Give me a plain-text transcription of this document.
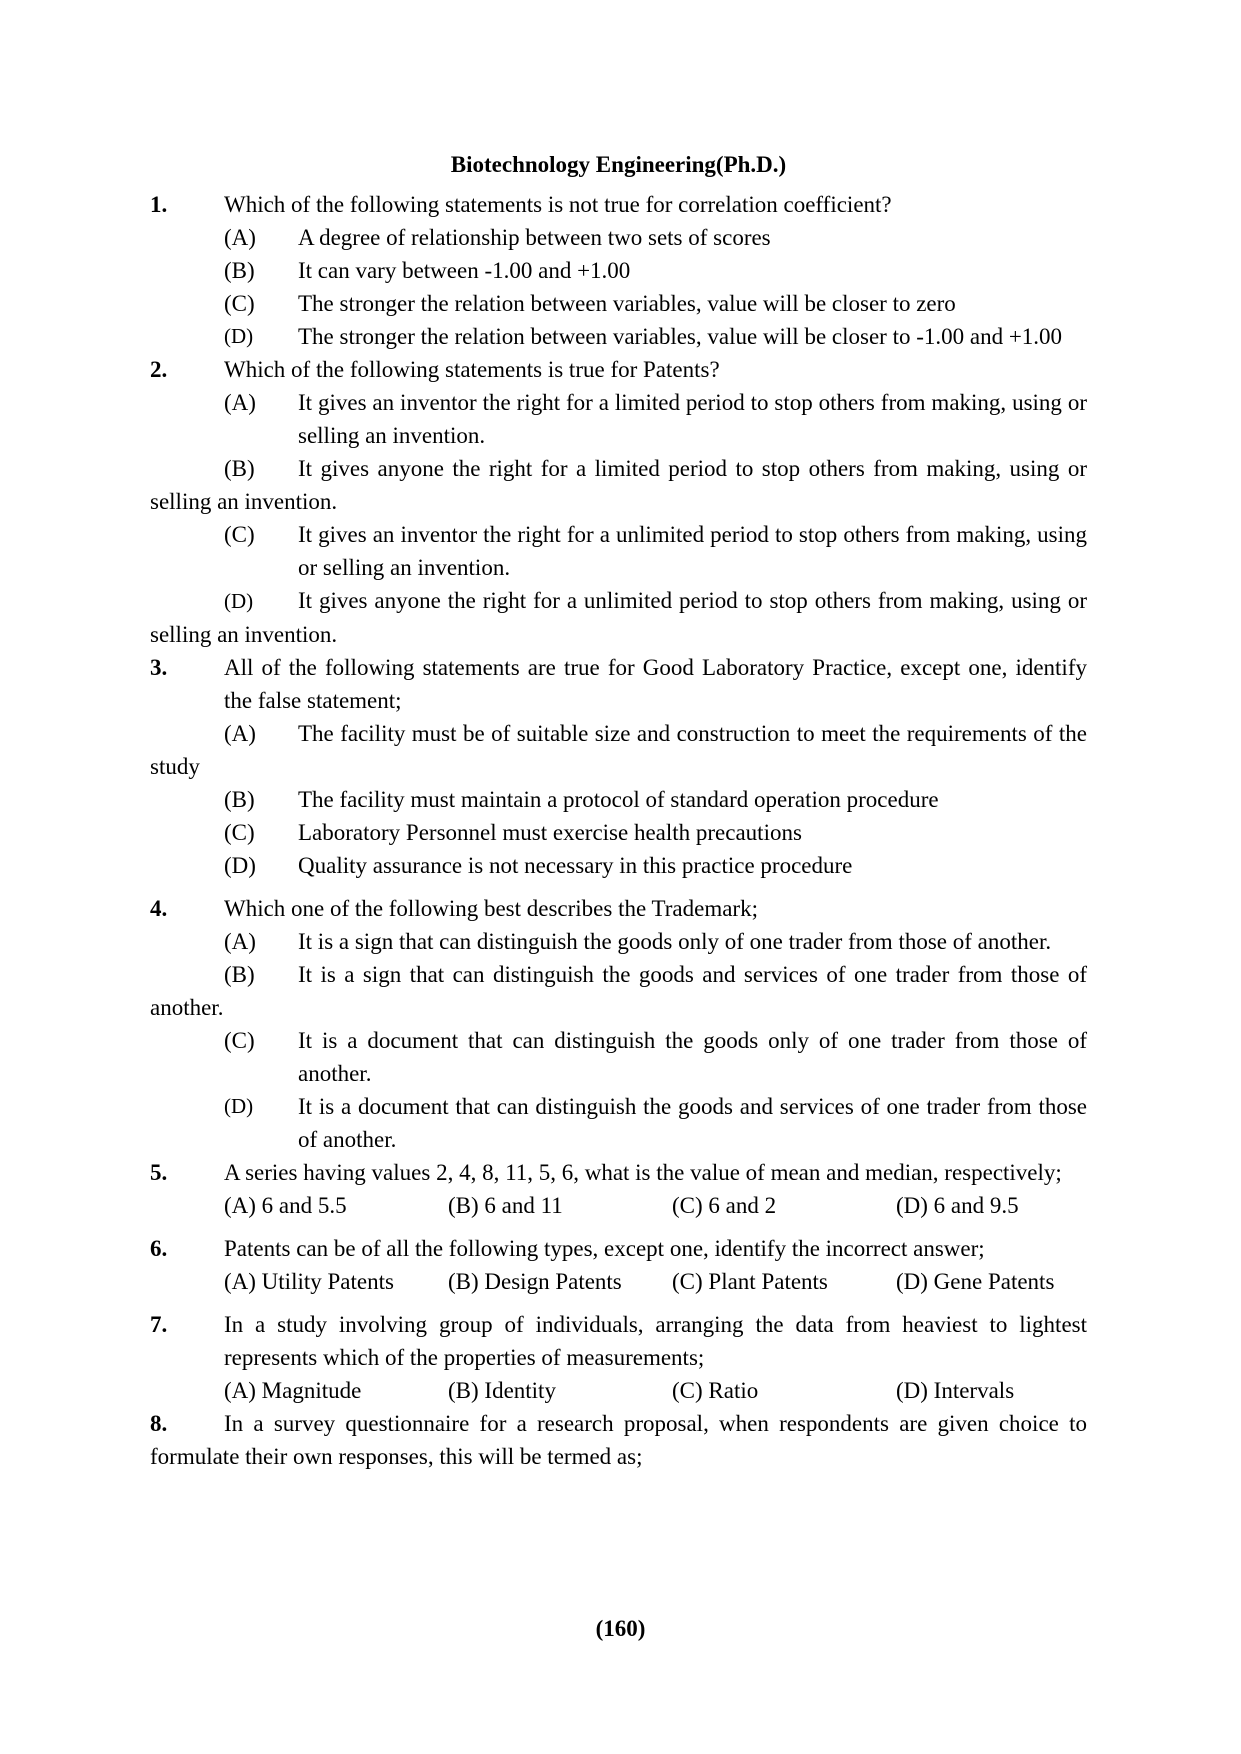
Biotechnology Engineering(Ph.D.)
1.	Which of the following statements is not true for correlation coefficient?
(A)	A degree of relationship between two sets of scores
(B)	It can vary between -1.00 and +1.00
(C)	The stronger the relation between variables, value will be closer to zero
(D)	The stronger the relation between variables, value will be closer to -1.00 and +1.00
2.	Which of the following statements is true for Patents?
(A)	It gives an inventor the right for a limited period to stop others from making, using or selling an invention.
(B) It gives anyone the right for a limited period to stop others from making, using or selling an invention.
(C)	It gives an inventor the right for a unlimited period to stop others from making, using or selling an invention.
(D) It gives anyone the right for a unlimited period to stop others from making, using or selling an invention.
3.	All of the following statements are true for Good Laboratory Practice, except one, identify the false statement;
(A) The facility must be of suitable size and construction to meet the requirements of the study
(B)	The facility must maintain a protocol of standard operation procedure
(C)	Laboratory Personnel must exercise health precautions
(D)	Quality assurance is not necessary in this practice procedure
4.	Which one of the following best describes the Trademark;
(A) It is a sign that can distinguish the goods only of one trader from those of another.
(B) It is a sign that can distinguish the goods and services of one trader from those of another.
(C)	It is a document that can distinguish the goods only of one trader from those of another.
(D)	It is a document that can distinguish the goods and services of one trader from those of another.
5.	A series having values 2, 4, 8, 11, 5, 6, what is the value of mean and median, respectively;
(A) 6 and 5.5	(B) 6 and 11	(C) 6 and 2	(D) 6 and 9.5
6.	Patents can be of all the following types, except one, identify the incorrect answer;
(A) Utility Patents	(B) Design Patents	(C) Plant Patents	(D) Gene Patents
7.	In a study involving group of individuals, arranging the data from heaviest to lightest represents which of the properties of measurements;
(A) Magnitude	(B) Identity	(C) Ratio	(D) Intervals
8. In a survey questionnaire for a research proposal, when respondents are given choice to formulate their own responses, this will be termed as;
(160)
